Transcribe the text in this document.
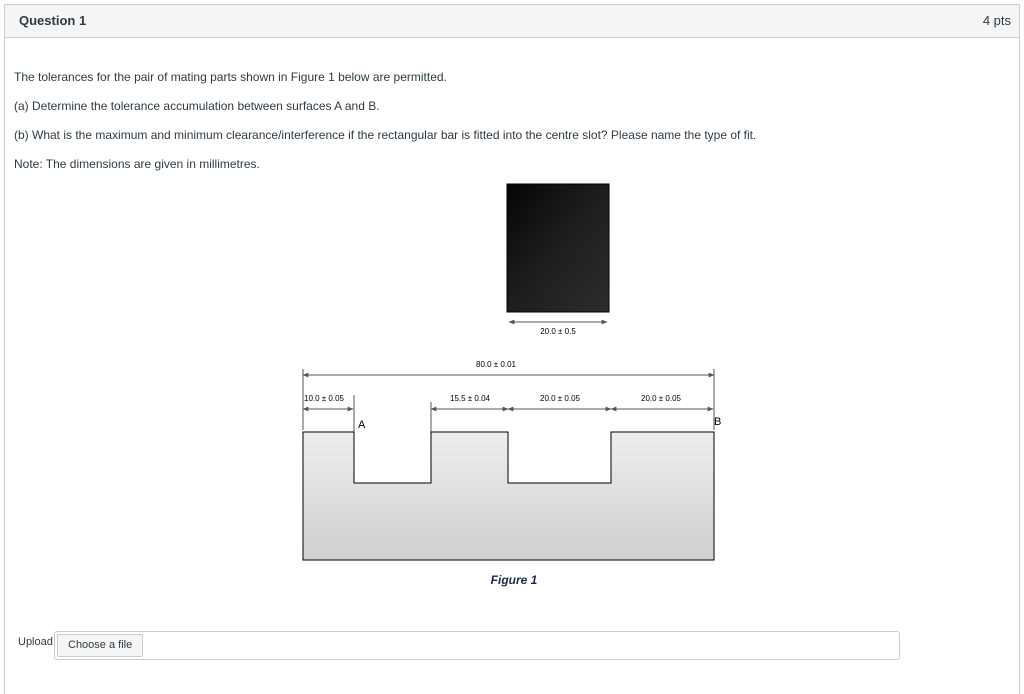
Question 1	4 pts

The tolerances for the pair of mating parts shown in Figure 1 below are permitted.

(a) Determine the tolerance accumulation between surfaces A and B.

(b) What is the maximum and minimum clearance/interference if the rectangular bar is fitted into the centre slot? Please name the type of fit.

Note: The dimensions are given in millimetres.

20.0 ± 0.5
80.0 ± 0.01
10.0 ± 0.05	15.5 ± 0.04	20.0 ± 0.05	20.0 ± 0.05
A	B
Figure 1
Upload	Choose a file
